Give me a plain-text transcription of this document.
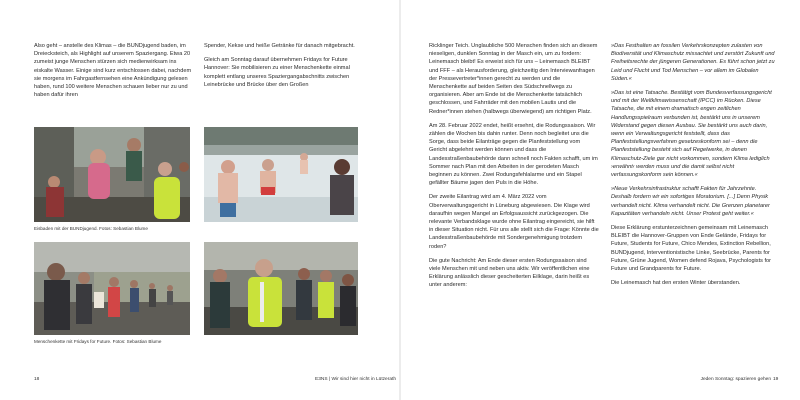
Also geht – anstelle des Klimas – die BUNDjugend baden, im Dreiecksteich, als Highlight auf unserem Spaziergang. Etwa 20 zumeist junge Menschen stürzen sich medienwirksam ins eiskalte Wasser. Einige sind kurz entschlossen dabei, nachdem sie morgens im Fahrgastfernsehen eine Ankündigung gelesen haben, rund 100 weitere Menschen schauen lieber nur zu und haben dafür ihren

Spender, Kekse und heiße Getränke für danach mitgebracht.

Gleich am Sonntag darauf übernehmen Fridays for Future Hannover: Sie mobilisieren zu einer Menschenkette einmal komplett entlang unseres Spaziergangabschnitts zwischen Leinebrücke und Brücke über den Großen

Eisbaden mit der BUNDjugend. Fotos: Sebastian Blume
Menschenkette mit Fridays for Future. Fotos: Sebastian Blume
18	E3NS | Wir sind hier nicht in Lützerath

Ricklinger Teich. Unglaubliche 500 Menschen finden sich an diesem nieseligen, dunklen Sonntag in der Masch ein, um zu fordern: Leinemasch bleibt! Es erweist sich für uns – Leinemasch BLEIBT und FFF – als Herausforderung, gleichzeitig den Interviewanfragen der Pressevertreter*innen gerecht zu werden und die Menschenkette auf beiden Seiten des Südschnellwegs zu organisieren. Aber am Ende ist die Menschenkette tatsächlich geschlossen, und Fahrräder mit den mobilen Lautis und die Redner*innen stehen (halbwegs überwiegend) am richtigen Platz.

Am 28. Februar 2022 endet, heißt ersehnt, die Rodungssaison. Wir zählen die Wochen bis dahin runter. Denn noch begleitet uns die Sorge, dass beide Eilanträge gegen die Planfeststellung vom Gericht abgelehnt werden können und dass die Landesstraßenbaubehörde dann schnell noch Fakten schafft, um im Sommer nach Plan mit den Arbeiten in der gerodeten Masch beginnen zu können. Zwei Rodungsfehlalarme und ein Stapel gefällter Bäume jagen den Puls in die Höhe.

Der zweite Eilantrag wird am 4. März 2022 vom Oberverwaltungsgericht in Lüneburg abgewiesen. Die Klage wird daraufhin wegen Mangel an Erfolgsaussicht zurückgezogen. Die relevante Verbandsklage wurde ohne Eilantrag eingereicht, sie hilft in dieser Situation nicht. Für uns alle stellt sich die Frage: Könnte die Landesstraßenbaubehörde mit Sondergenehmigung trotzdem roden?

Die gute Nachricht: Am Ende dieser ersten Rodungssaison sind viele Menschen mit und neben uns aktiv. Wir veröffentlichen eine Erklärung anlässlich dieser gescheiterten Eilklage, darin heißt es unter anderem:

»Das Festhalten an fossilen Verkehrskonzepten zulasten von Biodiversität und Klimaschutz missachtet und zerstört Zukunft und Freiheitsrechte der jüngeren Generationen. Es führt schon jetzt zu Leid und Flucht und Tod Menschen – vor allem im Globalen Süden.«

»Das ist eine Tatsache. Bestätigt vom Bundesverfassungsgericht und mit der Weltklimawissenschaft (IPCC) im Rücken. Diese Tatsache, die mit einem dramatisch engen zeitlichen Handlungsspielraum verbunden ist, bestärkt uns in unserem Widerstand gegen diesen Ausbau. Sie bestärkt uns auch darin, wenn ein Verwaltungsgericht feststellt, dass das Planfeststellungsverfahren gesetzeskonform sei – denn die Planfeststellung besteht sich auf Regelwerke, in denen Klimaschutz-Ziele gar nicht vorkommen, sondern Klima lediglich ›erwähnt‹ werden muss und die damit selbst nicht verfassungskonform sein können.«

»Neue Verkehrsinfrastruktur schafft Fakten für Jahrzehnte. Deshalb fordern wir ein sofortiges Moratorium. [...] Denn Physik verhandelt nicht. Klima verhandelt nicht. Die Grenzen planetarer Kapazitäten verhandeln nicht. Unser Protest geht weiter.«

Diese Erklärung erstunterzeichnen gemeinsam mit Leinemasch BLEIBT die Hannover-Gruppen von Ende Gelände, Fridays for Future, Students for Future, Chico Mendes, Extinction Rebellion, BUNDjugend, Interventionistische Linke, Seebrücke, Parents for Future, Grüne Jugend, Women defend Rojava, Psychologists for Future und Grandparents for Future.

Die Leinemasch hat den ersten Winter überstanden.

Jeden Sonntag: spazieren gehen 19
